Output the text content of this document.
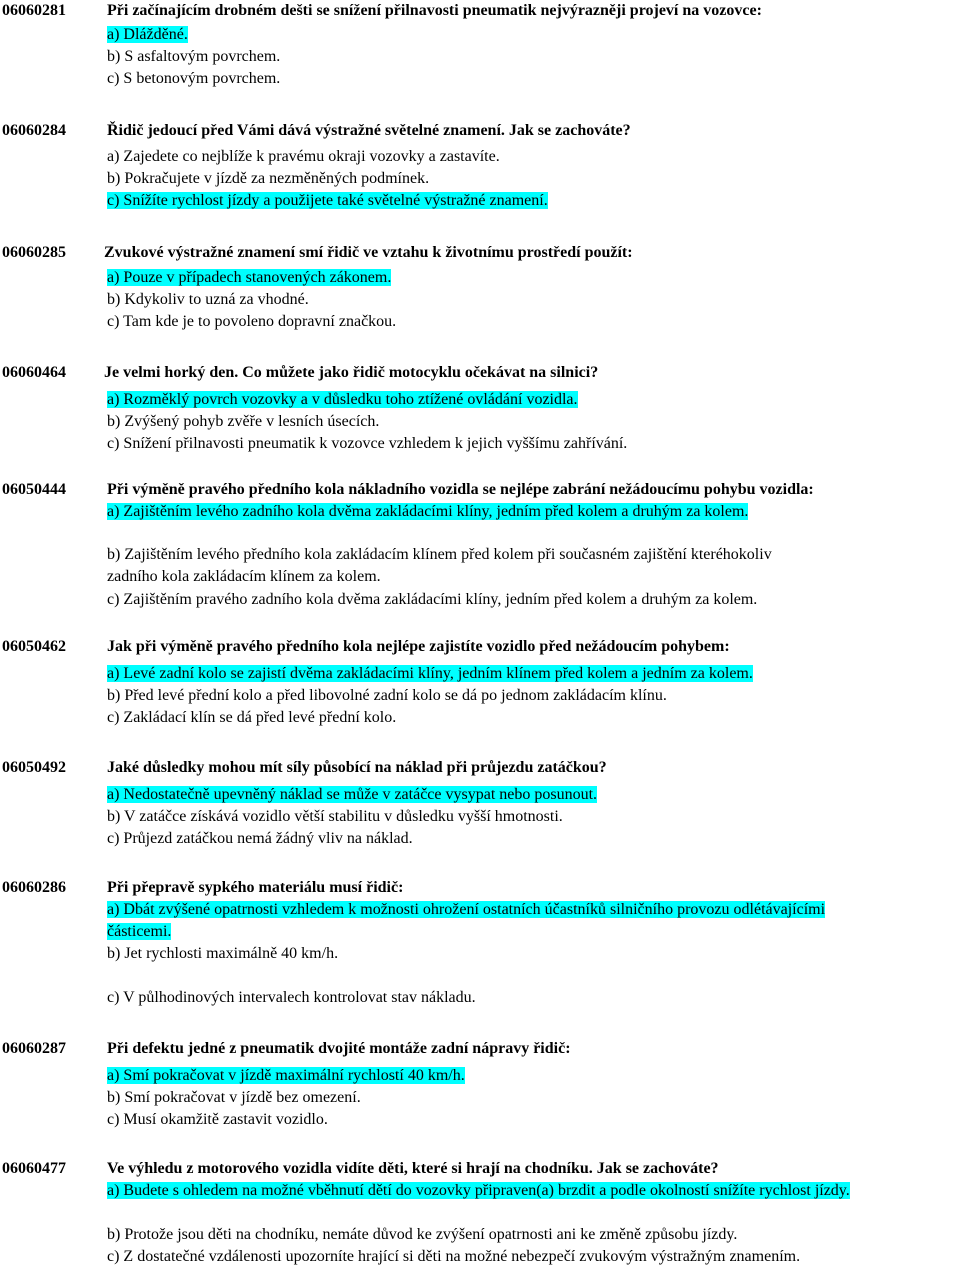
06060281	Při začínajícím drobném dešti se snížení přilnavosti pneumatik nejvýrazněji projeví na vozovce:
a) Dlážděné.
b) S asfaltovým povrchem.
c) S betonovým povrchem.
06060284	Řidič jedoucí před Vámi dává výstražné světelné znamení. Jak se zachováte?
a) Zajedete co nejblíže k pravému okraji vozovky a zastavíte.
b) Pokračujete v jízdě za nezměněných podmínek.
c) Snížíte rychlost jízdy a použijete také světelné výstražné znamení.
06060285 Zvukové výstražné znamení smí řidič ve vztahu k životnímu prostředí použít:
a) Pouze v případech stanovených zákonem.
b) Kdykoliv to uzná za vhodné.
c) Tam kde je to povoleno dopravní značkou.
06060464 Je velmi horký den. Co můžete jako řidič motocyklu očekávat na silnici?
a) Rozměklý povrch vozovky a v důsledku toho ztížené ovládání vozidla.
b) Zvýšený pohyb zvěře v lesních úsecích.
c) Snížení přilnavosti pneumatik k vozovce vzhledem k jejich vyššímu zahřívání.
06050444	Při výměně pravého předního kola nákladního vozidla se nejlépe zabrání nežádoucímu pohybu vozidla:
a) Zajištěním levého zadního kola dvěma zakládacími klíny, jedním před kolem a druhým za kolem.
b) Zajištěním levého předního kola zakládacím klínem před kolem při současném zajištění kteréhokoliv zadního kola zakládacím klínem za kolem.
c) Zajištěním pravého zadního kola dvěma zakládacími klíny, jedním před kolem a druhým za kolem.
06050462	Jak při výměně pravého předního kola nejlépe zajistíte vozidlo před nežádoucím pohybem:
a) Levé zadní kolo se zajistí dvěma zakládacími klíny, jedním klínem před kolem a jedním za kolem.
b) Před levé přední kolo a před libovolné zadní kolo se dá po jednom zakládacím klínu.
c) Zakládací klín se dá před levé přední kolo.
06050492	Jaké důsledky mohou mít síly působící na náklad při průjezdu zatáčkou?
a) Nedostatečně upevněný náklad se může v zatáčce vysypat nebo posunout.
b) V zatáčce získává vozidlo větší stabilitu v důsledku vyšší hmotnosti.
c) Průjezd zatáčkou nemá žádný vliv na náklad.
06060286	Při přepravě sypkého materiálu musí řidič:
a) Dbát zvýšené opatrnosti vzhledem k možnosti ohrožení ostatních účastníků silničního provozu odlétávajícími částicemi.
b) Jet rychlosti maximálně 40 km/h.
c) V půlhodinových intervalech kontrolovat stav nákladu.
06060287	Při defektu jedné z pneumatik dvojité montáže zadní nápravy řidič:
a) Smí pokračovat v jízdě maximální rychlostí 40 km/h.
b) Smí pokračovat v jízdě bez omezení.
c) Musí okamžitě zastavit vozidlo.
06060477	Ve výhledu z motorového vozidla vidíte děti, které si hrají na chodníku. Jak se zachováte?
a) Budete s ohledem na možné vběhnutí dětí do vozovky připraven(a) brzdit a podle okolností snížíte rychlost jízdy.
b) Protože jsou děti na chodníku, nemáte důvod ke zvýšení opatrnosti ani ke změně způsobu jízdy.
c) Z dostatečné vzdálenosti upozorníte hrající si děti na možné nebezpečí zvukovým výstražným znamením.
